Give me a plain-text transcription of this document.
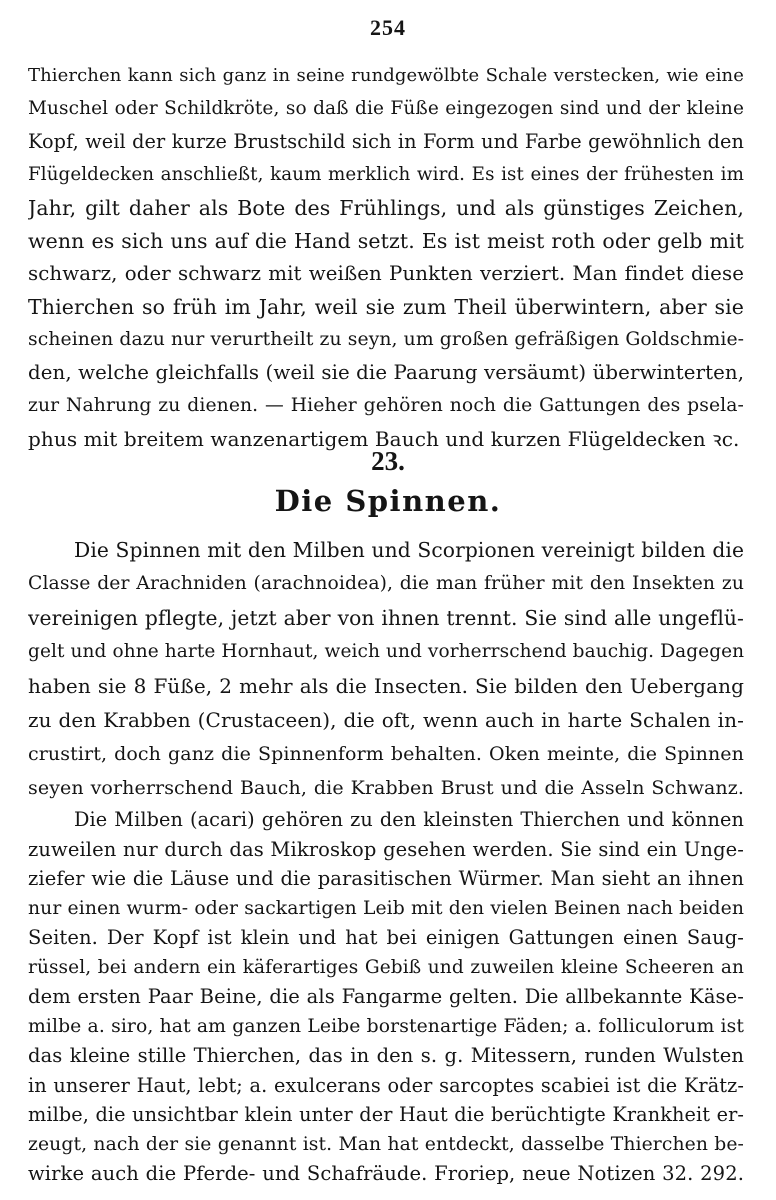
254
Thierchen kann sich ganz in seine rundgewölbte Schale verstecken, wie eine
Muschel oder Schildkröte, so daß die Füße eingezogen sind und der kleine
Kopf, weil der kurze Brustschild sich in Form und Farbe gewöhnlich den
Flügeldecken anschließt, kaum merklich wird. Es ist eines der frühesten im
Jahr, gilt daher als Bote des Frühlings, und als günstiges Zeichen,
wenn es sich uns auf die Hand setzt. Es ist meist roth oder gelb mit
schwarz, oder schwarz mit weißen Punkten verziert. Man findet diese
Thierchen so früh im Jahr, weil sie zum Theil überwintern, aber sie
scheinen dazu nur verurtheilt zu seyn, um großen gefräßigen Goldschmie-
den, welche gleichfalls (weil sie die Paarung versäumt) überwinterten,
zur Nahrung zu dienen. — Hieher gehören noch die Gattungen des psela-
phus mit breitem wanzenartigem Bauch und kurzen Flügeldecken ꝛc.
23.
Die Spinnen.
Die Spinnen mit den Milben und Scorpionen vereinigt bilden die
Classe der Arachniden (arachnoidea), die man früher mit den Insekten zu
vereinigen pflegte, jetzt aber von ihnen trennt. Sie sind alle ungeflü-
gelt und ohne harte Hornhaut, weich und vorherrschend bauchig. Dagegen
haben sie 8 Füße, 2 mehr als die Insecten. Sie bilden den Uebergang
zu den Krabben (Crustaceen), die oft, wenn auch in harte Schalen in-
crustirt, doch ganz die Spinnenform behalten. Oken meinte, die Spinnen
seyen vorherrschend Bauch, die Krabben Brust und die Asseln Schwanz.
Die Milben (acari) gehören zu den kleinsten Thierchen und können
zuweilen nur durch das Mikroskop gesehen werden. Sie sind ein Unge-
ziefer wie die Läuse und die parasitischen Würmer. Man sieht an ihnen
nur einen wurm- oder sackartigen Leib mit den vielen Beinen nach beiden
Seiten. Der Kopf ist klein und hat bei einigen Gattungen einen Saug-
rüssel, bei andern ein käferartiges Gebiß und zuweilen kleine Scheeren an
dem ersten Paar Beine, die als Fangarme gelten. Die allbekannte Käse-
milbe a. siro, hat am ganzen Leibe borstenartige Fäden; a. folliculorum ist
das kleine stille Thierchen, das in den s. g. Mitessern, runden Wulsten
in unserer Haut, lebt; a. exulcerans oder sarcoptes scabiei ist die Krätz-
milbe, die unsichtbar klein unter der Haut die berüchtigte Krankheit er-
zeugt, nach der sie genannt ist. Man hat entdeckt, dasselbe Thierchen be-
wirke auch die Pferde- und Schafräude. Froriep, neue Notizen 32. 292.
